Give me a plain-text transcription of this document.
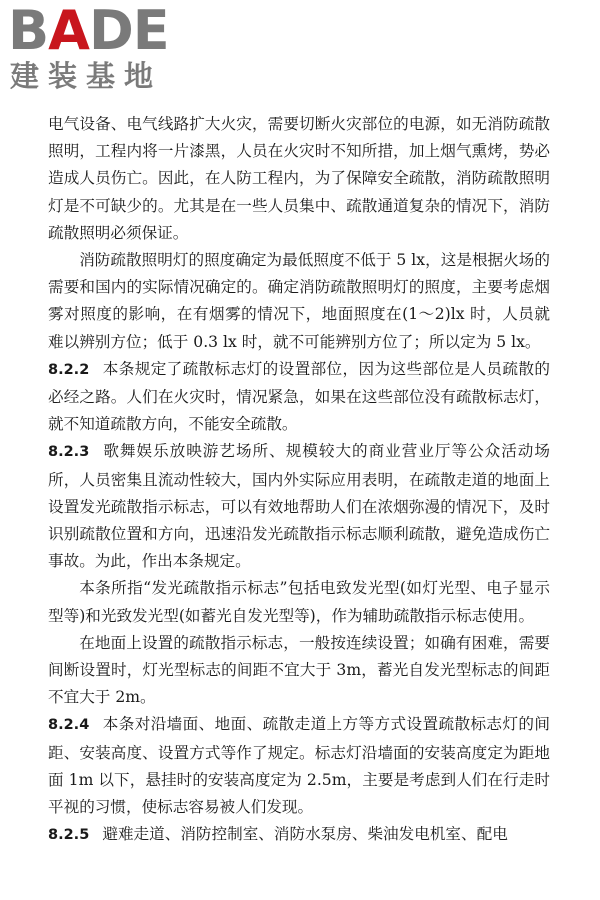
BADE
建装基地

电气设备、电气线路扩大火灾，需要切断火灾部位的电源，如无消防疏散照明，工程内将一片漆黑，人员在火灾时不知所措，加上烟气熏烤，势必造成人员伤亡。因此，在人防工程内，为了保障安全疏散，消防疏散照明灯是不可缺少的。尤其是在一些人员集中、疏散通道复杂的情况下，消防疏散照明必须保证。

消防疏散照明灯的照度确定为最低照度不低于 5 lx，这是根据火场的需要和国内的实际情况确定的。确定消防疏散照明灯的照度，主要考虑烟雾对照度的影响，在有烟雾的情况下，地面照度在(1～2)lx 时，人员就难以辨别方位；低于 0.3 lx 时，就不可能辨别方位了；所以定为 5 lx。

8.2.2 本条规定了疏散标志灯的设置部位，因为这些部位是人员疏散的必经之路。人们在火灾时，情况紧急，如果在这些部位没有疏散标志灯，就不知道疏散方向，不能安全疏散。

8.2.3 歌舞娱乐放映游艺场所、规模较大的商业营业厅等公众活动场所，人员密集且流动性较大，国内外实际应用表明，在疏散走道的地面上设置发光疏散指示标志，可以有效地帮助人们在浓烟弥漫的情况下，及时识别疏散位置和方向，迅速沿发光疏散指示标志顺利疏散，避免造成伤亡事故。为此，作出本条规定。

本条所指“发光疏散指示标志”包括电致发光型(如灯光型、电子显示型等)和光致发光型(如蓄光自发光型等)，作为辅助疏散指示标志使用。

在地面上设置的疏散指示标志，一般按连续设置；如确有困难，需要间断设置时，灯光型标志的间距不宜大于 3m，蓄光自发光型标志的间距不宜大于 2m。

8.2.4 本条对沿墙面、地面、疏散走道上方等方式设置疏散标志灯的间距、安装高度、设置方式等作了规定。标志灯沿墙面的安装高度定为距地面 1m 以下，悬挂时的安装高度定为 2.5m，主要是考虑到人们在行走时平视的习惯，使标志容易被人们发现。

8.2.5 避难走道、消防控制室、消防水泵房、柴油发电机室、配电
